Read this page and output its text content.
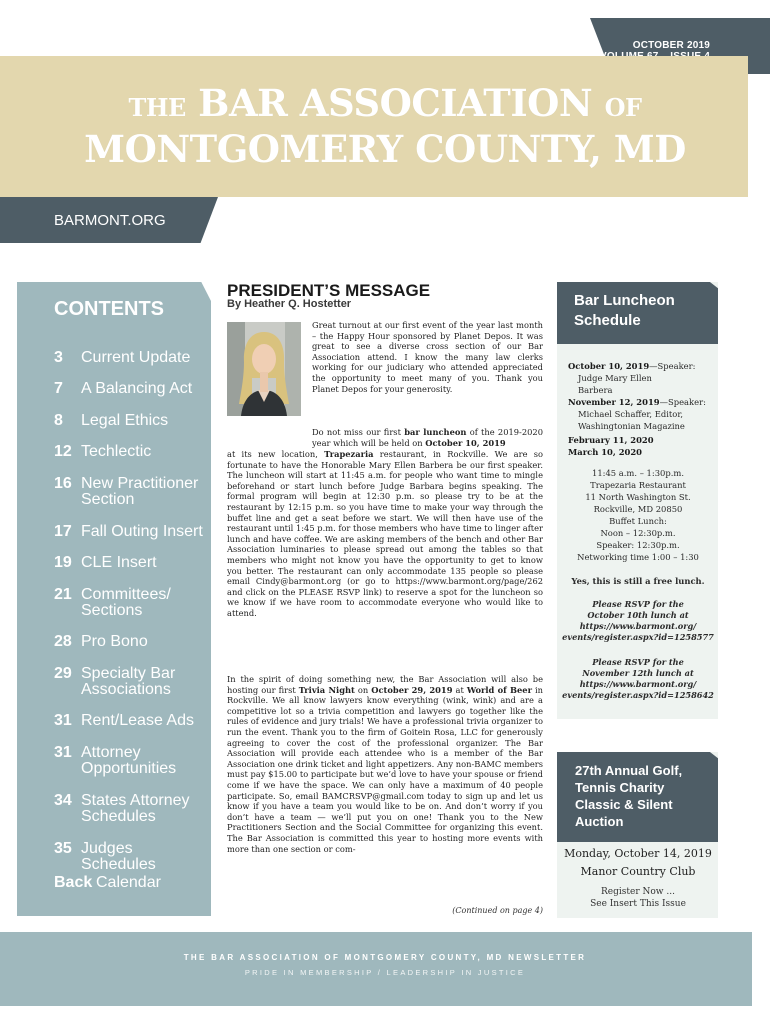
OCTOBER 2019
THE BAR ASSOCIATION OF
MONTGOMERY COUNTY, MD
BARMONT.ORG
CONTENTS
3	Current Update
7	A Balancing Act
8	Legal Ethics
12 Techlectic
16 New Practitioner Section
17 Fall Outing Insert
19 CLE Insert
21 Committees/ Sections
28 Pro Bono
29 Specialty Bar Associations
31 Rent/Lease Ads
31 Attorney Opportunities
34 States Attorney Schedules
35 Judges Schedules
Back Calendar
PRESIDENT’S MESSAGE
By Heather Q. Hostetter
Great turnout at our first event of the year last month – the Happy Hour sponsored by Planet Depos. It was great to see a diverse cross section of our Bar Association attend. I know the many law clerks working for our judiciary who attended appreciated the opportunity to meet many of you. Thank you Planet Depos for your generosity.
Do not miss our first bar luncheon of the 2019-2020 year which will be held on October 10, 2019
at its new location, Trapezaria restaurant, in Rockville. We are so fortunate to have the Honorable Mary Ellen Barbera be our first speaker. The luncheon will start at 11:45 a.m. for people who want time to mingle beforehand or start lunch before Judge Barbara begins speaking. The formal program will begin at 12:30 p.m. so please try to be at the restaurant by 12:15 p.m. so you have time to make your way through the buffet line and get a seat before we start. We will then have use of the restaurant until 1:45 p.m. for those members who have time to linger after lunch and have coffee. We are asking members of the bench and other Bar Association luminaries to please spread out among the tables so that members who might not know you have the opportunity to get to know you better. The restaurant can only accommodate 135 people so please email Cindy@barmont.org (or go to https://www.barmont.org/page/262 and click on the PLEASE RSVP link) to reserve a spot for the luncheon so we know if we have room to accommodate everyone who would like to attend.
In the spirit of doing something new, the Bar Association will also be hosting our first Trivia Night on October 29, 2019 at World of Beer in Rockville. We all know lawyers know everything (wink, wink) and are a competitive lot so a trivia competition and lawyers go together like the rules of evidence and jury trials! We have a professional trivia organizer to run the event. Thank you to the firm of Goitein Rosa, LLC for generously agreeing to cover the cost of the professional organizer. The Bar Association will provide each attendee who is a member of the Bar Association one drink ticket and light appetizers. Any non-BAMC members must pay $15.00 to participate but we’d love to have your spouse or friend come if we have the space. We can only have a maximum of 40 people participate. So, email BAMCRSVP@gmail.com today to sign up and let us know if you have a team you would like to be on. And don’t worry if you don’t have a team — we’ll put you on one! Thank you to the New Practitioners Section and the Social Committee for organizing this event. The Bar Association is committed this year to hosting more events with more than one section or com-
(Continued on page 4)
Bar Luncheon Schedule
October 10, 2019—Speaker:
Judge Mary Ellen
Barbera
November 12, 2019—Speaker:
Michael Schaffer, Editor,
Washingtonian Magazine
February 11, 2020
March 10, 2020
11:45 a.m. – 1:30p.m.
Trapezaria Restaurant
11 North Washington St.
Rockville, MD 20850
Buffet Lunch:
Noon – 12:30p.m.
Speaker: 12:30p.m.
Networking time 1:00 – 1:30
Yes, this is still a free lunch.
Please RSVP for the
October 10th lunch at
https://www.barmont.org/
events/register.aspx?id=1258577
Please RSVP for the
November 12th lunch at
https://www.barmont.org/
events/register.aspx?id=1258642
27th Annual Golf, Tennis Charity Classic & Silent Auction
Monday, October 14, 2019
Manor Country Club
Register Now ...
See Insert This Issue
THE BAR ASSOCIATION OF MONTGOMERY COUNTY, MD NEWSLETTER
PRIDE IN MEMBERSHIP / LEADERSHIP IN JUSTICE
